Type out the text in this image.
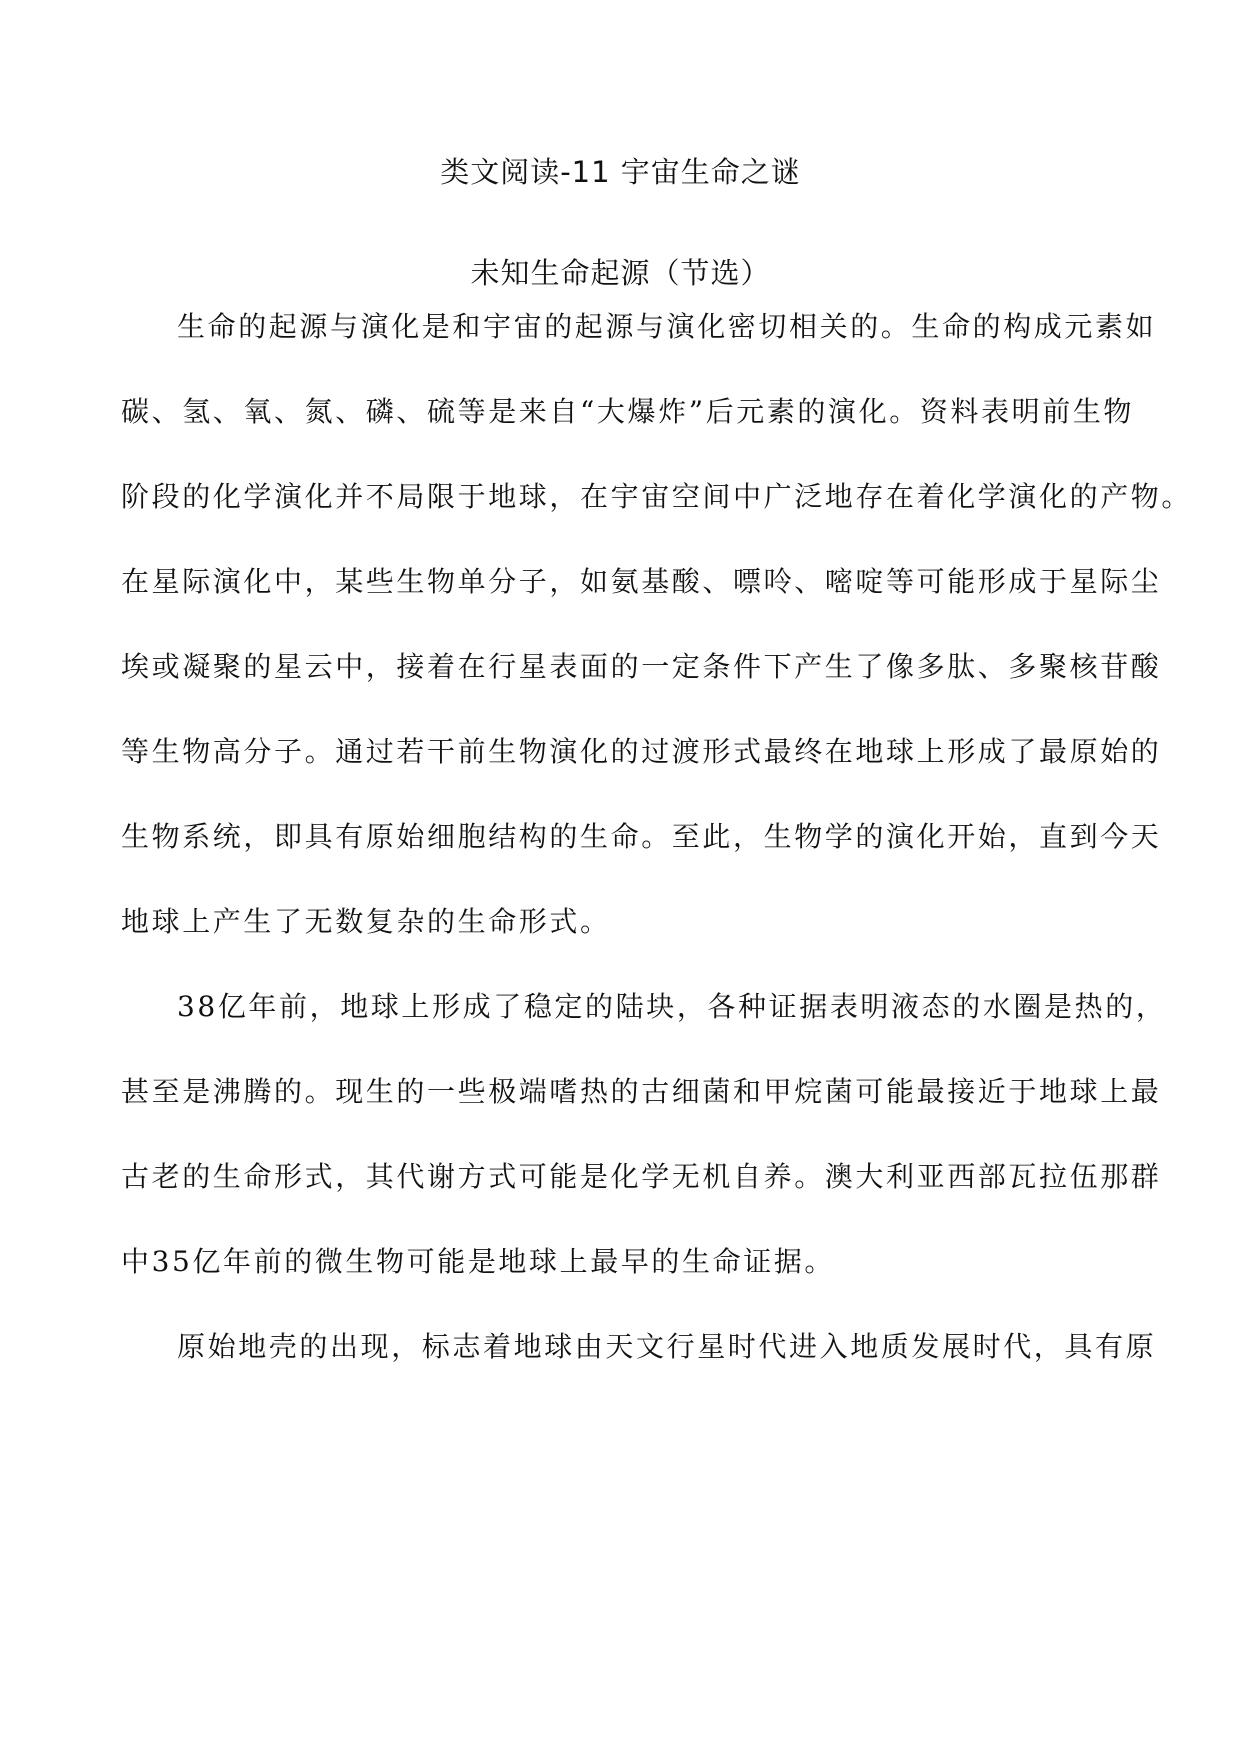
类文阅读-11 宇宙生命之谜
未知生命起源（节选）
生命的起源与演化是和宇宙的起源与演化密切相关的。生命的构成元素如
碳、氢、氧、氮、磷、硫等是来自“大爆炸”后元素的演化。资料表明前生物
阶段的化学演化并不局限于地球，在宇宙空间中广泛地存在着化学演化的产物。
在星际演化中，某些生物单分子，如氨基酸、嘌呤、嘧啶等可能形成于星际尘
埃或凝聚的星云中，接着在行星表面的一定条件下产生了像多肽、多聚核苷酸
等生物高分子。通过若干前生物演化的过渡形式最终在地球上形成了最原始的
生物系统，即具有原始细胞结构的生命。至此，生物学的演化开始，直到今天
地球上产生了无数复杂的生命形式。
38亿年前，地球上形成了稳定的陆块，各种证据表明液态的水圈是热的，
甚至是沸腾的。现生的一些极端嗜热的古细菌和甲烷菌可能最接近于地球上最
古老的生命形式，其代谢方式可能是化学无机自养。澳大利亚西部瓦拉伍那群
中35亿年前的微生物可能是地球上最早的生命证据。
原始地壳的出现，标志着地球由天文行星时代进入地质发展时代，具有原
